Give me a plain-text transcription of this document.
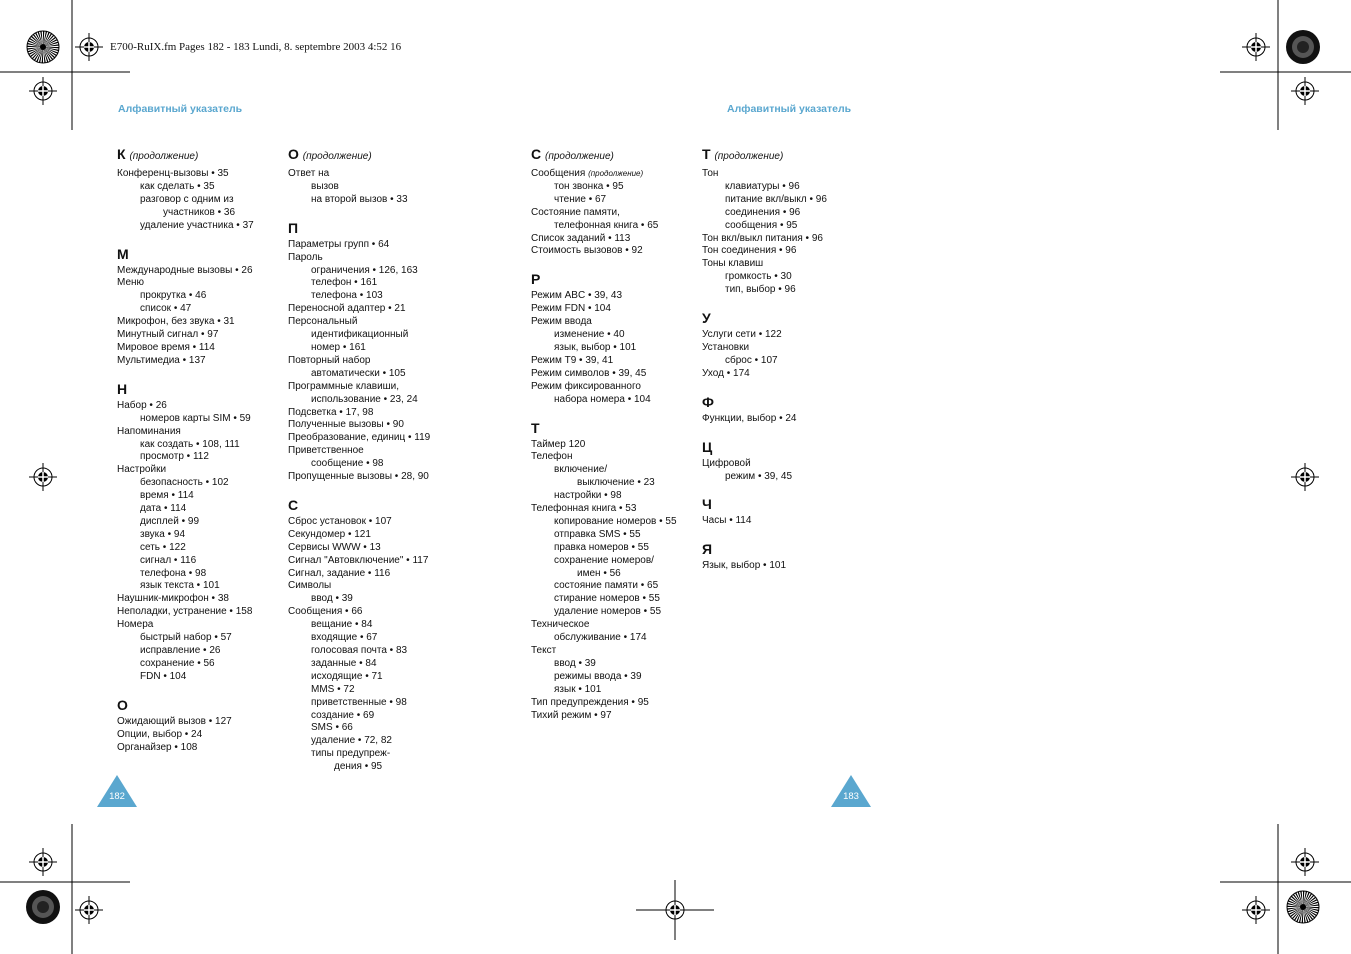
E700-RuIX.fm Pages 182 - 183 Lundi, 8. septembre 2003 4:52 16
Алфавитный указатель	Алфавитный указатель
К (продолжение)
Конференц-вызовы • 35
как сделать • 35
разговор с одним из
участников • 36
удаление участника • 37
М
Международные вызовы • 26
Меню
прокрутка • 46
список • 47
Микрофон, без звука • 31
Минутный сигнал • 97
Мировое время • 114
Мультимедиа • 137
Н
Набор • 26
номеров карты SIM • 59
Напоминания
как создать • 108, 111
просмотр • 112
Настройки
безопасность • 102
время • 114
дата • 114
дисплей • 99
звука • 94
сеть • 122
сигнал • 116
телефона • 98
язык текста • 101
Наушник-микрофон • 38
Неполадки, устранение • 158
Номера
быстрый набор • 57
исправление • 26
сохранение • 56
FDN • 104
О
Ожидающий вызов • 127
Опции, выбор • 24
Органайзер • 108
О (продолжение)
Ответ на
вызов
на второй вызов • 33
П
Параметры групп • 64
Пароль
ограничения • 126, 163
телефон • 161
телефона • 103
Переносной адаптер • 21
Персональный
идентификационный
номер • 161
Повторный набор
автоматически • 105
Программные клавиши,
использование • 23, 24
Подсветка • 17, 98
Полученные вызовы • 90
Преобразование, единиц • 119
Приветственное
сообщение • 98
Пропущенные вызовы • 28, 90
С
Сброс установок • 107
Секундомер • 121
Сервисы WWW • 13
Сигнал "Автовключение" • 117
Сигнал, задание • 116
Символы
ввод • 39
Сообщения • 66
вещание • 84
входящие • 67
голосовая почта • 83
заданные • 84
исходящие • 71
MMS • 72
приветственные • 98
создание • 69
SMS • 66
удаление • 72, 82
типы предупреж-
дения • 95
С (продолжение)
Сообщения (продолжение)
тон звонка • 95
чтение • 67
Состояние памяти,
телефонная книга • 65
Список заданий • 113
Стоимость вызовов • 92
Р
Режим ABC • 39, 43
Режим FDN • 104
Режим ввода
изменение • 40
язык, выбор • 101
Режим T9 • 39, 41
Режим символов • 39, 45
Режим фиксированного
набора номера • 104
Т
Таймер 120
Телефон
включение/
выключение • 23
настройки • 98
Телефонная книга • 53
копирование номеров • 55
отправка SMS • 55
правка номеров • 55
сохранение номеров/
имен • 56
состояние памяти • 65
стирание номеров • 55
удаление номеров • 55
Техническое
обслуживание • 174
Текст
ввод • 39
режимы ввода • 39
язык • 101
Тип предупреждения • 95
Тихий режим • 97
Т (продолжение)
Тон
клавиатуры • 96
питание вкл/выкл • 96
соединения • 96
сообщения • 95
Тон вкл/выкл питания • 96
Тон соединения • 96
Тоны клавиш
громкость • 30
тип, выбор • 96
У
Услуги сети • 122
Установки
сброс • 107
Уход • 174
Ф
Функции, выбор • 24
Ц
Цифровой
режим • 39, 45
Ч
Часы • 114
Я
Язык, выбор • 101
182	183
